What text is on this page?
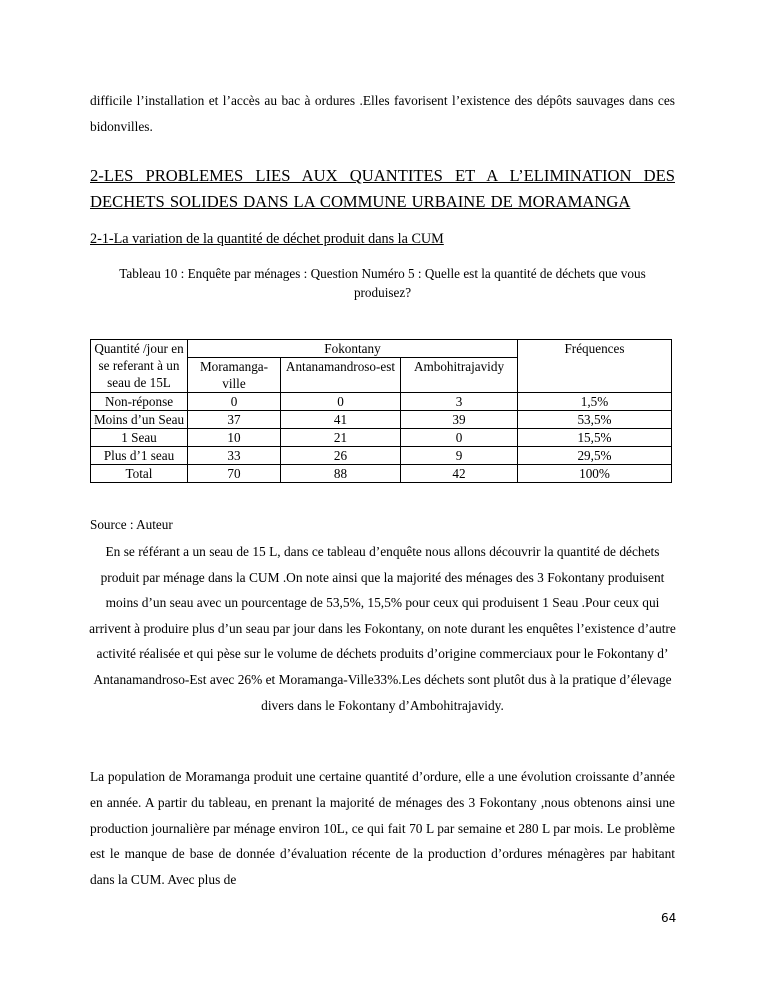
difficile l’installation et l’accès au bac à ordures .Elles favorisent l’existence des dépôts sauvages dans ces bidonvilles.

2-LES PROBLEMES LIES AUX QUANTITES ET A L’ELIMINATION DES DECHETS SOLIDES DANS LA COMMUNE URBAINE DE MORAMANGA

2-1-La variation de la quantité de déchet produit dans la CUM

Tableau 10 : Enquête par ménages : Question Numéro 5 : Quelle est la quantité de déchets que vous produisez?

Quantité /jour en se referant à un seau de 15L	Fokontany			Fréquences
	Moramanga-ville	Antanamandroso-est	Ambohitrajavidy	
Non-réponse	0	0	3	1,5%
Moins d’un Seau	37	41	39	53,5%
1 Seau	10	21	0	15,5%
Plus d’1 seau	33	26	9	29,5%
Total	70	88	42	100%

Source : Auteur

En se référant a un seau de 15 L, dans ce tableau d’enquête nous allons découvrir la quantité de déchets produit par ménage dans la CUM .On note ainsi que la majorité des ménages des 3 Fokontany produisent moins d’un seau avec un pourcentage de 53,5%, 15,5% pour ceux qui produisent 1 Seau .Pour ceux qui arrivent à produire plus d’un seau par jour dans les Fokontany, on note durant les enquêtes l’existence d’autre activité réalisée et qui pèse sur le volume de déchets produits d’origine commerciaux pour le Fokontany d’ Antanamandroso-Est avec 26% et Moramanga-Ville33%.Les déchets sont plutôt dus à la pratique d’élevage divers dans le Fokontany d’Ambohitrajavidy.

La population de Moramanga produit une certaine quantité d’ordure, elle a une évolution croissante d’année en année. A partir du tableau, en prenant la majorité de ménages des 3 Fokontany ,nous obtenons ainsi une production journalière par ménage environ 10L, ce qui fait 70 L par semaine et 280 L par mois. Le problème est le manque de base de donnée d’évaluation récente de la production d’ordures ménagères par habitant dans la CUM. Avec plus de

64
